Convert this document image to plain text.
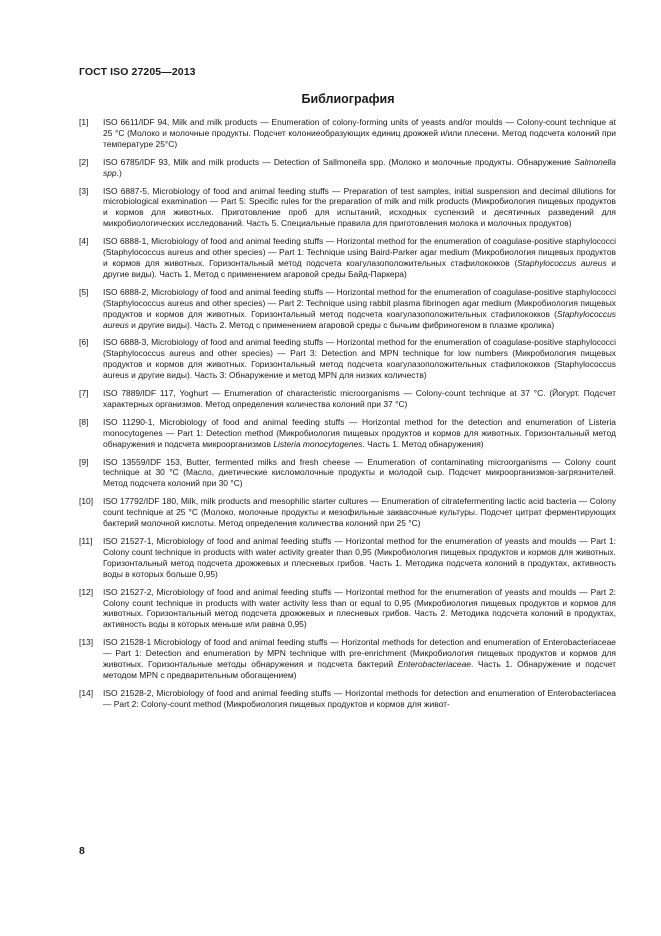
ГОСТ ISO 27205—2013
Библиография
[1]	ISO 6611/IDF 94, Milk and milk products — Enumeration of colony-forming units of yeasts and/or moulds — Colony-count technique at 25 °C (Молоко и молочные продукты. Подсчет колониеобразующих единиц дрожжей и/или плесени. Метод подсчета колоний при температуре 25°С)
[2]	ISO 6785/IDF 93, Milk and milk products — Detection of Sallmonella spp. (Молоко и молочные продукты. Обнаружение Salmonella spp.)
[3]	ISO 6887-5, Microbiology of food and animal feeding stuffs — Preparation of test samples, initial suspension and decimal dilutions for microbiological examination — Part 5: Specific rules for the preparation of milk and milk products (Микробиология пищевых продуктов и кормов для животных. Приготовление проб для испытаний, исходных суспензий и десятичных разведений для микробиологических исследований. Часть 5. Специальные правила для приготовления молока и молочных продуктов)
[4]	ISO 6888-1, Microbiology of food and animal feeding stuffs — Horizontal method for the enumeration of coagulase-positive staphylococci (Staphylococcus aureus and other species) — Part 1: Technique using Baird-Parker agar medium (Микробиология пищевых продуктов и кормов для животных. Горизонтальный метод подсчета коагулазоположительных стафилококков (Staphylococcus aureus и другие виды). Часть 1. Метод с применением агаровой среды Байд-Паркера)
[5]	ISO 6888-2, Microbiology of food and animal feeding stuffs — Horizontal method for the enumeration of coagulase-positive staphylococci (Staphylococcus aureus and other species) — Part 2: Technique using rabbit plasma fibrinogen agar medium (Микробиология пищевых продуктов и кормов для животных. Горизонтальный метод подсчета коагулазоположительных стафилококков (Staphylococcus aureus и другие виды). Часть 2. Метод с применением агаровой среды с бычьим фибриногеном в плазме кролика)
[6]	ISO 6888-3, Microbiology of food and animal feeding stuffs — Horizontal method for the enumeration of coagulase-positive staphylococci (Staphylococcus aureus and other species) — Part 3: Detection and MPN technique for low numbers (Микробиология пищевых продуктов и кормов для животных. Горизонтальный метод подсчета коагулазоположительных стафилококков (Staphylococcus aureus и другие виды). Часть 3: Обнаружение и метод MPN для низких количеств)
[7]	ISO 7889/IDF 117, Yoghurt — Enumeration of characteristic microorganisms — Colony-count technique at 37 °C. (Йогурт. Подсчет характерных организмов. Метод определения количества колоний при 37 °С)
[8]	ISO 11290-1, Microbiology of food and animal feeding stuffs — Horizontal method for the detection and enumeration of Listeria monocytogenes — Part 1: Detection method (Микробиология пищевых продуктов и кормов для животных. Горизонтальный метод обнаружения и подсчета микроорганизмов Listeria monocytogenes. Часть 1. Метод обнаружения)
[9]	ISO 13559/IDF 153, Butter, fermented milks and fresh cheese — Enumeration of contaminating microorganisms — Colony count technique at 30 °C (Масло, диетические кисломолочные продукты и молодой сыр. Подсчет микроорганизмов-загрязнителей. Метод подсчета колоний при 30 °С)
[10]	ISO 17792/IDF 180, Milk, milk products and mesophilic starter cultures — Enumeration of citratefermenting lactic acid bacteria — Colony count technique at 25 °C (Молоко, молочные продукты и мезофильные заквасочные культуры. Подсчет цитрат ферментирующих бактерий молочной кислоты. Метод определения количества колоний при 25 °С)
[11]	ISO 21527-1, Microbiology of food and animal feeding stuffs — Horizontal method for the enumeration of yeasts and moulds — Part 1: Colony count technique in products with water activity greater than 0,95 (Микробиология пищевых продуктов и кормов для животных. Горизонтальный метод подсчета дрожжевых и плесневых грибов. Часть 1. Методика подсчета колоний в продуктах, активность воды в которых больше 0,95)
[12]	ISO 21527-2, Microbiology of food and animal feeding stuffs — Horizontal method for the enumeration of yeasts and moulds — Part 2: Colony count technique in products with water activity less than or equal to 0,95 (Микробиология пищевых продуктов и кормов для животных. Горизонтальный метод подсчета дрожжевых и плесневых грибов. Часть 2. Методика подсчета колоний в продуктах, активность воды в которых меньше или равна 0,95)
[13]	ISO 21528-1 Microbiology of food and animal feeding stuffs — Horizontal methods for detection and enumeration of Enterobacteriaceae — Part 1: Detection and enumeration by MPN technique with pre-enrichment (Микробиология пищевых продуктов и кормов для животных. Горизонтальные методы обнаружения и подсчета бактерий Enterobacteriaceae. Часть 1. Обнаружение и подсчет методом MPN с предварительным обогащением)
[14]	ISO 21528-2, Microbiology of food and animal feeding stuffs — Horizontal methods for detection and enumeration of Enterobacteriacea — Part 2: Colony-count method (Микробиология пищевых продуктов и кормов для живот-
8
